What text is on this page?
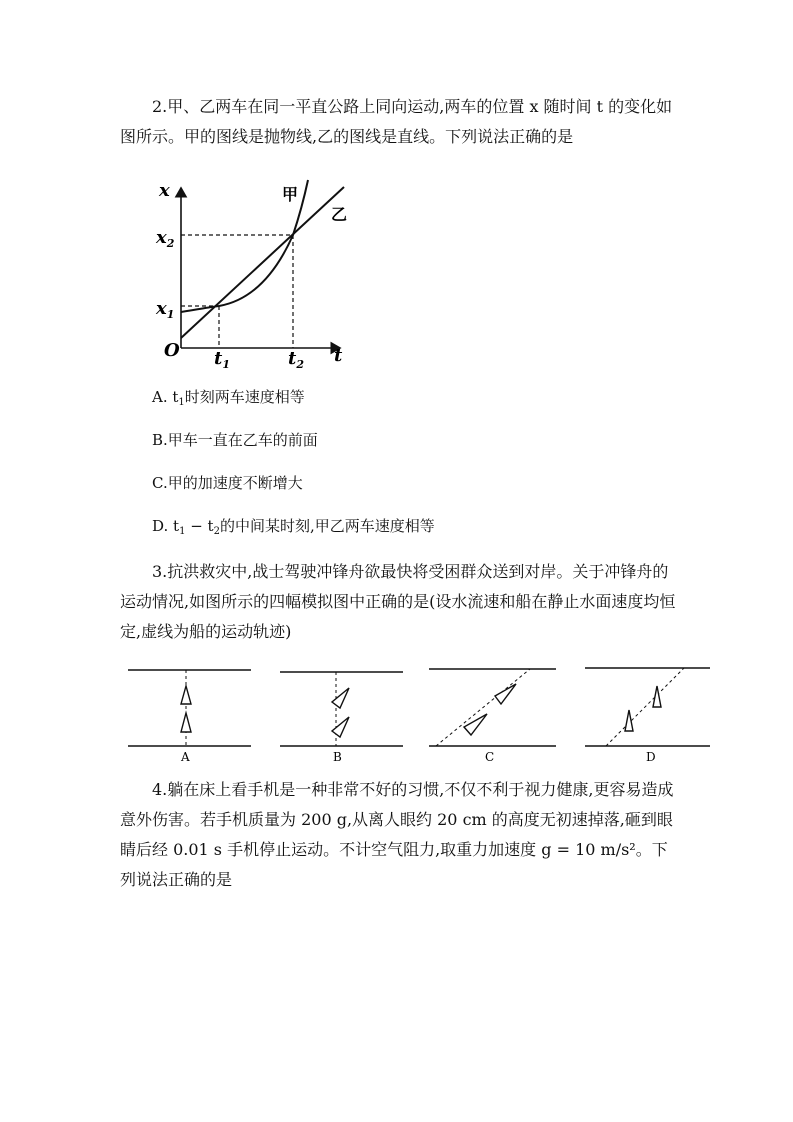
2.甲、乙两车在同一平直公路上同向运动,两车的位置 x 随时间 t 的变化如图所示。甲的图线是抛物线,乙的图线是直线。下列说法正确的是

x
t
O
$x_2$
$x_1$
$t_1$	$t_2$
甲
乙

A. $t_1$时刻两车速度相等

B.甲车一直在乙车的前面

C.甲的加速度不断增大

D. $t_1 - t_2$的中间某时刻,甲乙两车速度相等

3.抗洪救灾中,战士驾驶冲锋舟欲最快将受困群众送到对岸。关于冲锋舟的运动情况,如图所示的四幅模拟图中正确的是(设水流速和船在静止水面速度均恒定,虚线为船的运动轨迹)

A	B	C	D

4.躺在床上看手机是一种非常不好的习惯,不仅不利于视力健康,更容易造成意外伤害。若手机质量为 200 g,从离人眼约 20 cm 的高度无初速掉落,砸到眼睛后经 0.01 s 手机停止运动。不计空气阻力,取重力加速度 g = 10 m/s²。下列说法正确的是
